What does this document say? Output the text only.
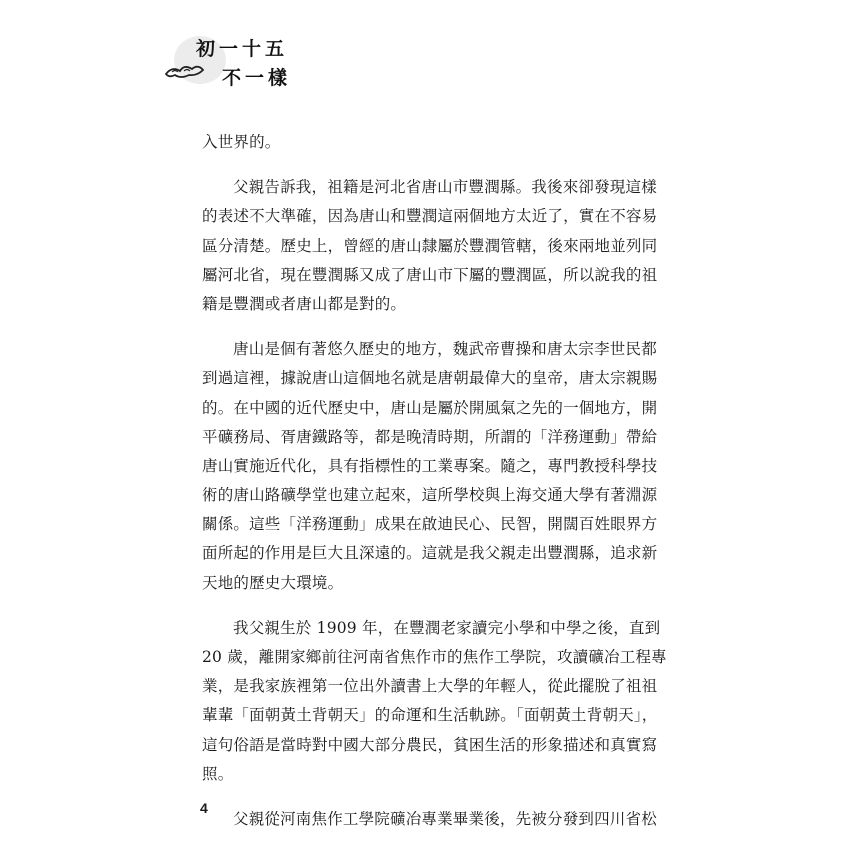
初一十五
不一樣
入世界的。
父親告訴我，祖籍是河北省唐山市豐潤縣。我後來卻發現這樣
的表述不大準確，因為唐山和豐潤這兩個地方太近了，實在不容易
區分清楚。歷史上，曾經的唐山隸屬於豐潤管轄，後來兩地並列同
屬河北省，現在豐潤縣又成了唐山市下屬的豐潤區，所以說我的祖
籍是豐潤或者唐山都是對的。
唐山是個有著悠久歷史的地方，魏武帝曹操和唐太宗李世民都
到過這裡，據說唐山這個地名就是唐朝最偉大的皇帝，唐太宗親賜
的。在中國的近代歷史中，唐山是屬於開風氣之先的一個地方，開
平礦務局、胥唐鐵路等，都是晚清時期，所謂的「洋務運動」帶給
唐山實施近代化，具有指標性的工業專案。隨之，專門教授科學技
術的唐山路礦學堂也建立起來，這所學校與上海交通大學有著淵源
關係。這些「洋務運動」成果在啟迪民心、民智，開闊百姓眼界方
面所起的作用是巨大且深遠的。這就是我父親走出豐潤縣，追求新
天地的歷史大環境。
我父親生於 1909 年，在豐潤老家讀完小學和中學之後，直到
20 歲，離開家鄉前往河南省焦作市的焦作工學院，攻讀礦冶工程專
業，是我家族裡第一位出外讀書上大學的年輕人，從此擺脫了祖祖
輩輩「面朝黃土背朝天」的命運和生活軌跡。「面朝黃土背朝天」，
這句俗語是當時對中國大部分農民，貧困生活的形象描述和真實寫
照。
父親從河南焦作工學院礦冶專業畢業後，先被分發到四川省松
4
